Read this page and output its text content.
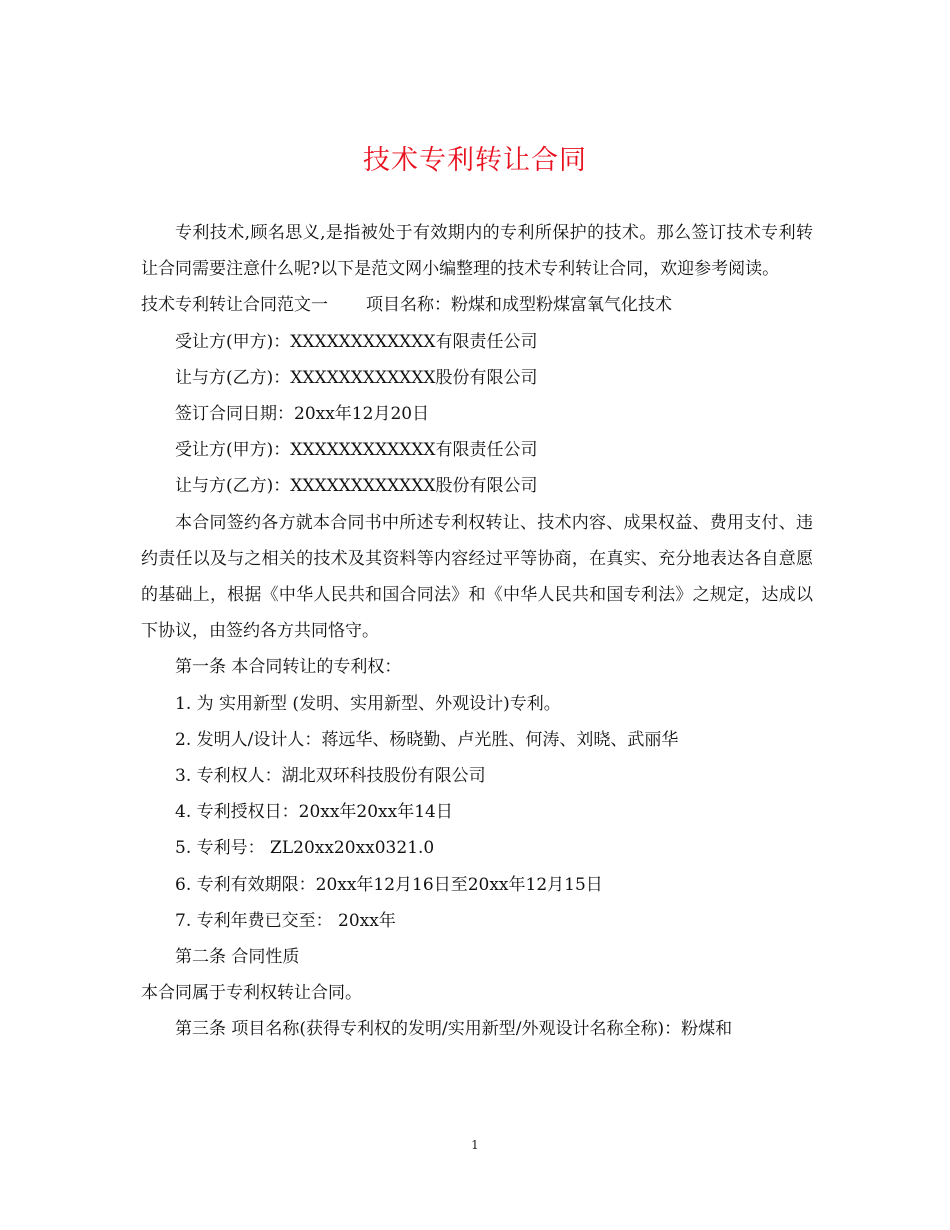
技术专利转让合同

专利技术,顾名思义,是指被处于有效期内的专利所保护的技术。那么签订技术专利转让合同需要注意什么呢?以下是范文网小编整理的技术专利转让合同，欢迎参考阅读。

技术专利转让合同范文一 项目名称：粉煤和成型粉煤富氧气化技术

受让方(甲方)：XXXXXXXXXXXX有限责任公司

让与方(乙方)：XXXXXXXXXXXX股份有限公司

签订合同日期：20xx年12月20日

受让方(甲方)：XXXXXXXXXXXX有限责任公司

让与方(乙方)：XXXXXXXXXXXX股份有限公司

本合同签约各方就本合同书中所述专利权转让、技术内容、成果权益、费用支付、违约责任以及与之相关的技术及其资料等内容经过平等协商，在真实、充分地表达各自意愿的基础上，根据《中华人民共和国合同法》和《中华人民共和国专利法》之规定，达成以下协议，由签约各方共同恪守。

第一条 本合同转让的专利权：

1. 为 实用新型 (发明、实用新型、外观设计)专利。

2. 发明人/设计人：蒋远华、杨晓勤、卢光胜、何涛、刘晓、武丽华

3. 专利权人：湖北双环科技股份有限公司

4. 专利授权日：20xx年20xx年14日

5. 专利号： ZL20xx20xx0321.0

6. 专利有效期限：20xx年12月16日至20xx年12月15日

7. 专利年费已交至： 20xx年

第二条 合同性质

本合同属于专利权转让合同。

第三条 项目名称(获得专利权的发明/实用新型/外观设计名称全称)：粉煤和

1
